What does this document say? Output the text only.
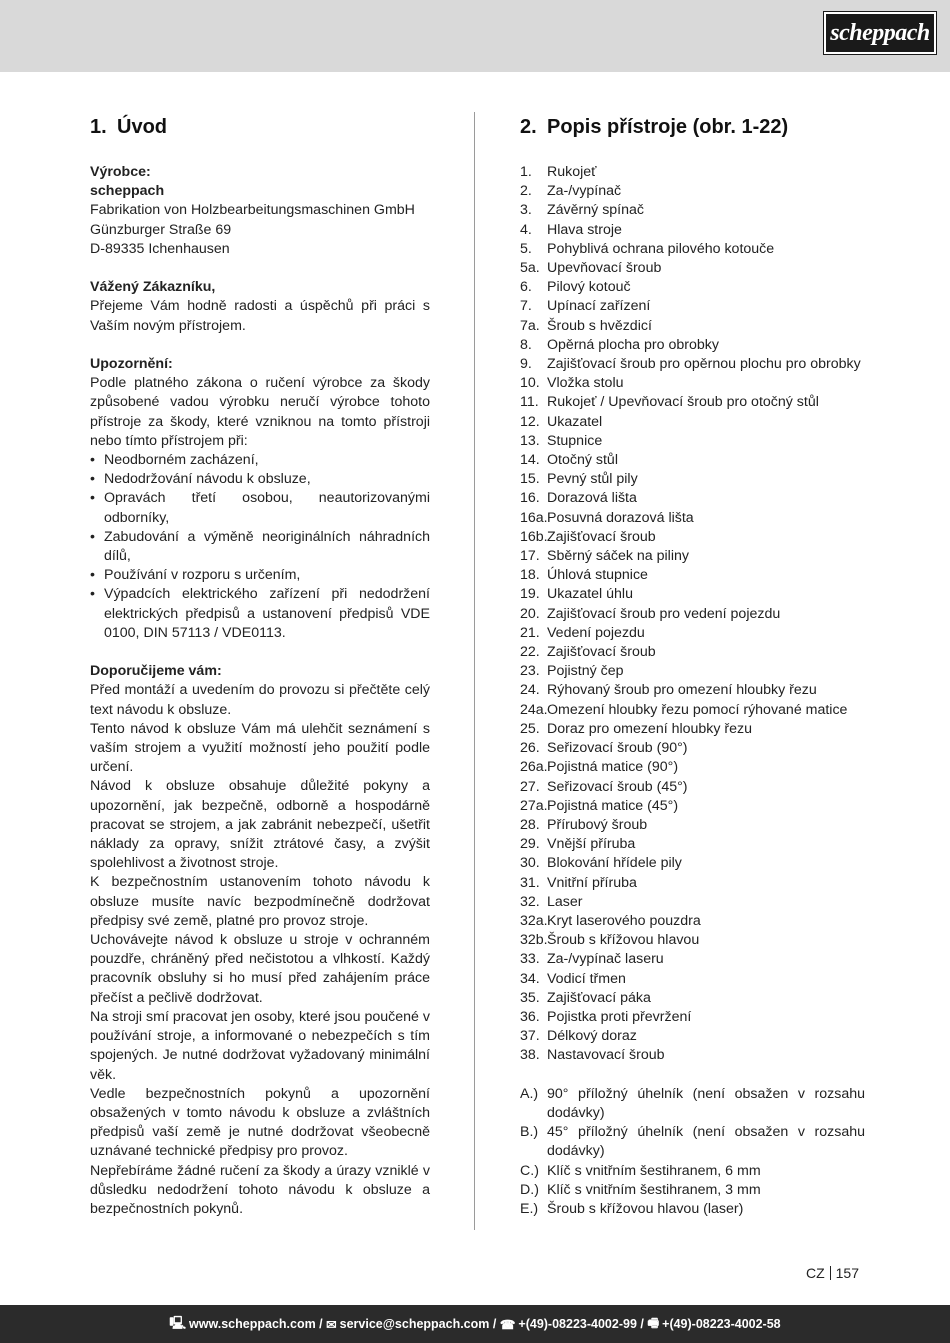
scheppach
1. Úvod
Výrobce:
scheppach
Fabrikation von Holzbearbeitungsmaschinen GmbH
Günzburger Straße 69
D-89335 Ichenhausen
Vážený Zákazníku,

Přejeme Vám hodně radosti a úspěchů při práci s Vaším novým přístrojem.

Upozornění:

Podle platného zákona o ručení výrobce za škody způsobené vadou výrobku neručí výrobce tohoto přístroje za škody, které vzniknou na tomto přístroji nebo tímto přístrojem při:

• Neodborném zacházení,
• Nedodržování návodu k obsluze,
• Opravách třetí osobou, neautorizovanými odborníky,
• Zabudování a výměně neoriginálních náhradních dílů,
• Používání v rozporu s určením,
• Výpadcích elektrického zařízení při nedodržení elektrických předpisů a ustanovení předpisů VDE 0100, DIN 57113 / VDE0113.
Doporučijeme vám:

Před montáží a uvedením do provozu si přečtěte celý text návodu k obsluze.

Tento návod k obsluze Vám má ulehčit seznámení s vaším strojem a využití možností jeho použití podle určení.

Návod k obsluze obsahuje důležité pokyny a upozornění, jak bezpečně, odborně a hospodárně pracovat se strojem, a jak zabránit nebezpečí, ušetřit náklady za opravy, snížit ztrátové časy, a zvýšit spolehlivost a životnost stroje.

K bezpečnostním ustanovením tohoto návodu k obsluze musíte navíc bezpodmínečně dodržovat předpisy své země, platné pro provoz stroje.

Uchovávejte návod k obsluze u stroje v ochranném pouzdře, chráněný před nečistotou a vlhkostí. Každý pracovník obsluhy si ho musí před zahájením práce přečíst a pečlivě dodržovat.

Na stroji smí pracovat jen osoby, které jsou poučené v používání stroje, a informované o nebezpečích s tím spojených. Je nutné dodržovat vyžadovaný minimální věk.

Vedle bezpečnostních pokynů a upozornění obsažených v tomto návodu k obsluze a zvláštních předpisů vaší země je nutné dodržovat všeobecně uznávané technické předpisy pro provoz.

Nepřebíráme žádné ručení za škody a úrazy vzniklé v důsledku nedodržení tohoto návodu k obsluze a bezpečnostních pokynů.

2. Popis přístroje (obr. 1-22)
1.	Rukojeť
2.	Za-/vypínač
3.	Závěrný spínač
4.	Hlava stroje
5.	Pohyblivá ochrana pilového kotouče
5a. Upevňovací šroub
6.	Pilový kotouč
7.	Upínací zařízení
7a. Šroub s hvězdicí
8.	Opěrná plocha pro obrobky
9.	Zajišťovací šroub pro opěrnou plochu pro obrobky
10. Vložka stolu
11. Rukojeť / Upevňovací šroub pro otočný stůl
12. Ukazatel
13. Stupnice
14. Otočný stůl
15. Pevný stůl pily
16. Dorazová lišta
16a. Posuvná dorazová lišta
16b. Zajišťovací šroub
17. Sběrný sáček na piliny
18. Úhlová stupnice
19. Ukazatel úhlu
20. Zajišťovací šroub pro vedení pojezdu
21. Vedení pojezdu
22. Zajišťovací šroub
23. Pojistný čep
24. Rýhovaný šroub pro omezení hloubky řezu
24a. Omezení hloubky řezu pomocí rýhované matice
25. Doraz pro omezení hloubky řezu
26. Seřizovací šroub (90°)
26a. Pojistná matice (90°)
27. Seřizovací šroub (45°)
27a. Pojistná matice (45°)
28. Přírubový šroub
29. Vnější příruba
30. Blokování hřídele pily
31. Vnitřní příruba
32. Laser
32a. Kryt laserového pouzdra
32b. Šroub s křížovou hlavou
33. Za-/vypínač laseru
34. Vodicí třmen
35. Zajišťovací páka
36. Pojistka proti převržení
37. Délkový doraz
38. Nastavovací šroub
A.) 90° příložný úhelník (není obsažen v rozsahu dodávky)
B.) 45° příložný úhelník (není obsažen v rozsahu dodávky)
C.) Klíč s vnitřním šestihranem, 6 mm
D.) Klíč s vnitřním šestihranem, 3 mm
E.) Šroub s křížovou hlavou (laser)
CZ 157
🖳 www.scheppach.com /
✉ service@scheppach.com /
☎ +(49)-08223-4002-99 /
🖷 +(49)-08223-4002-58
